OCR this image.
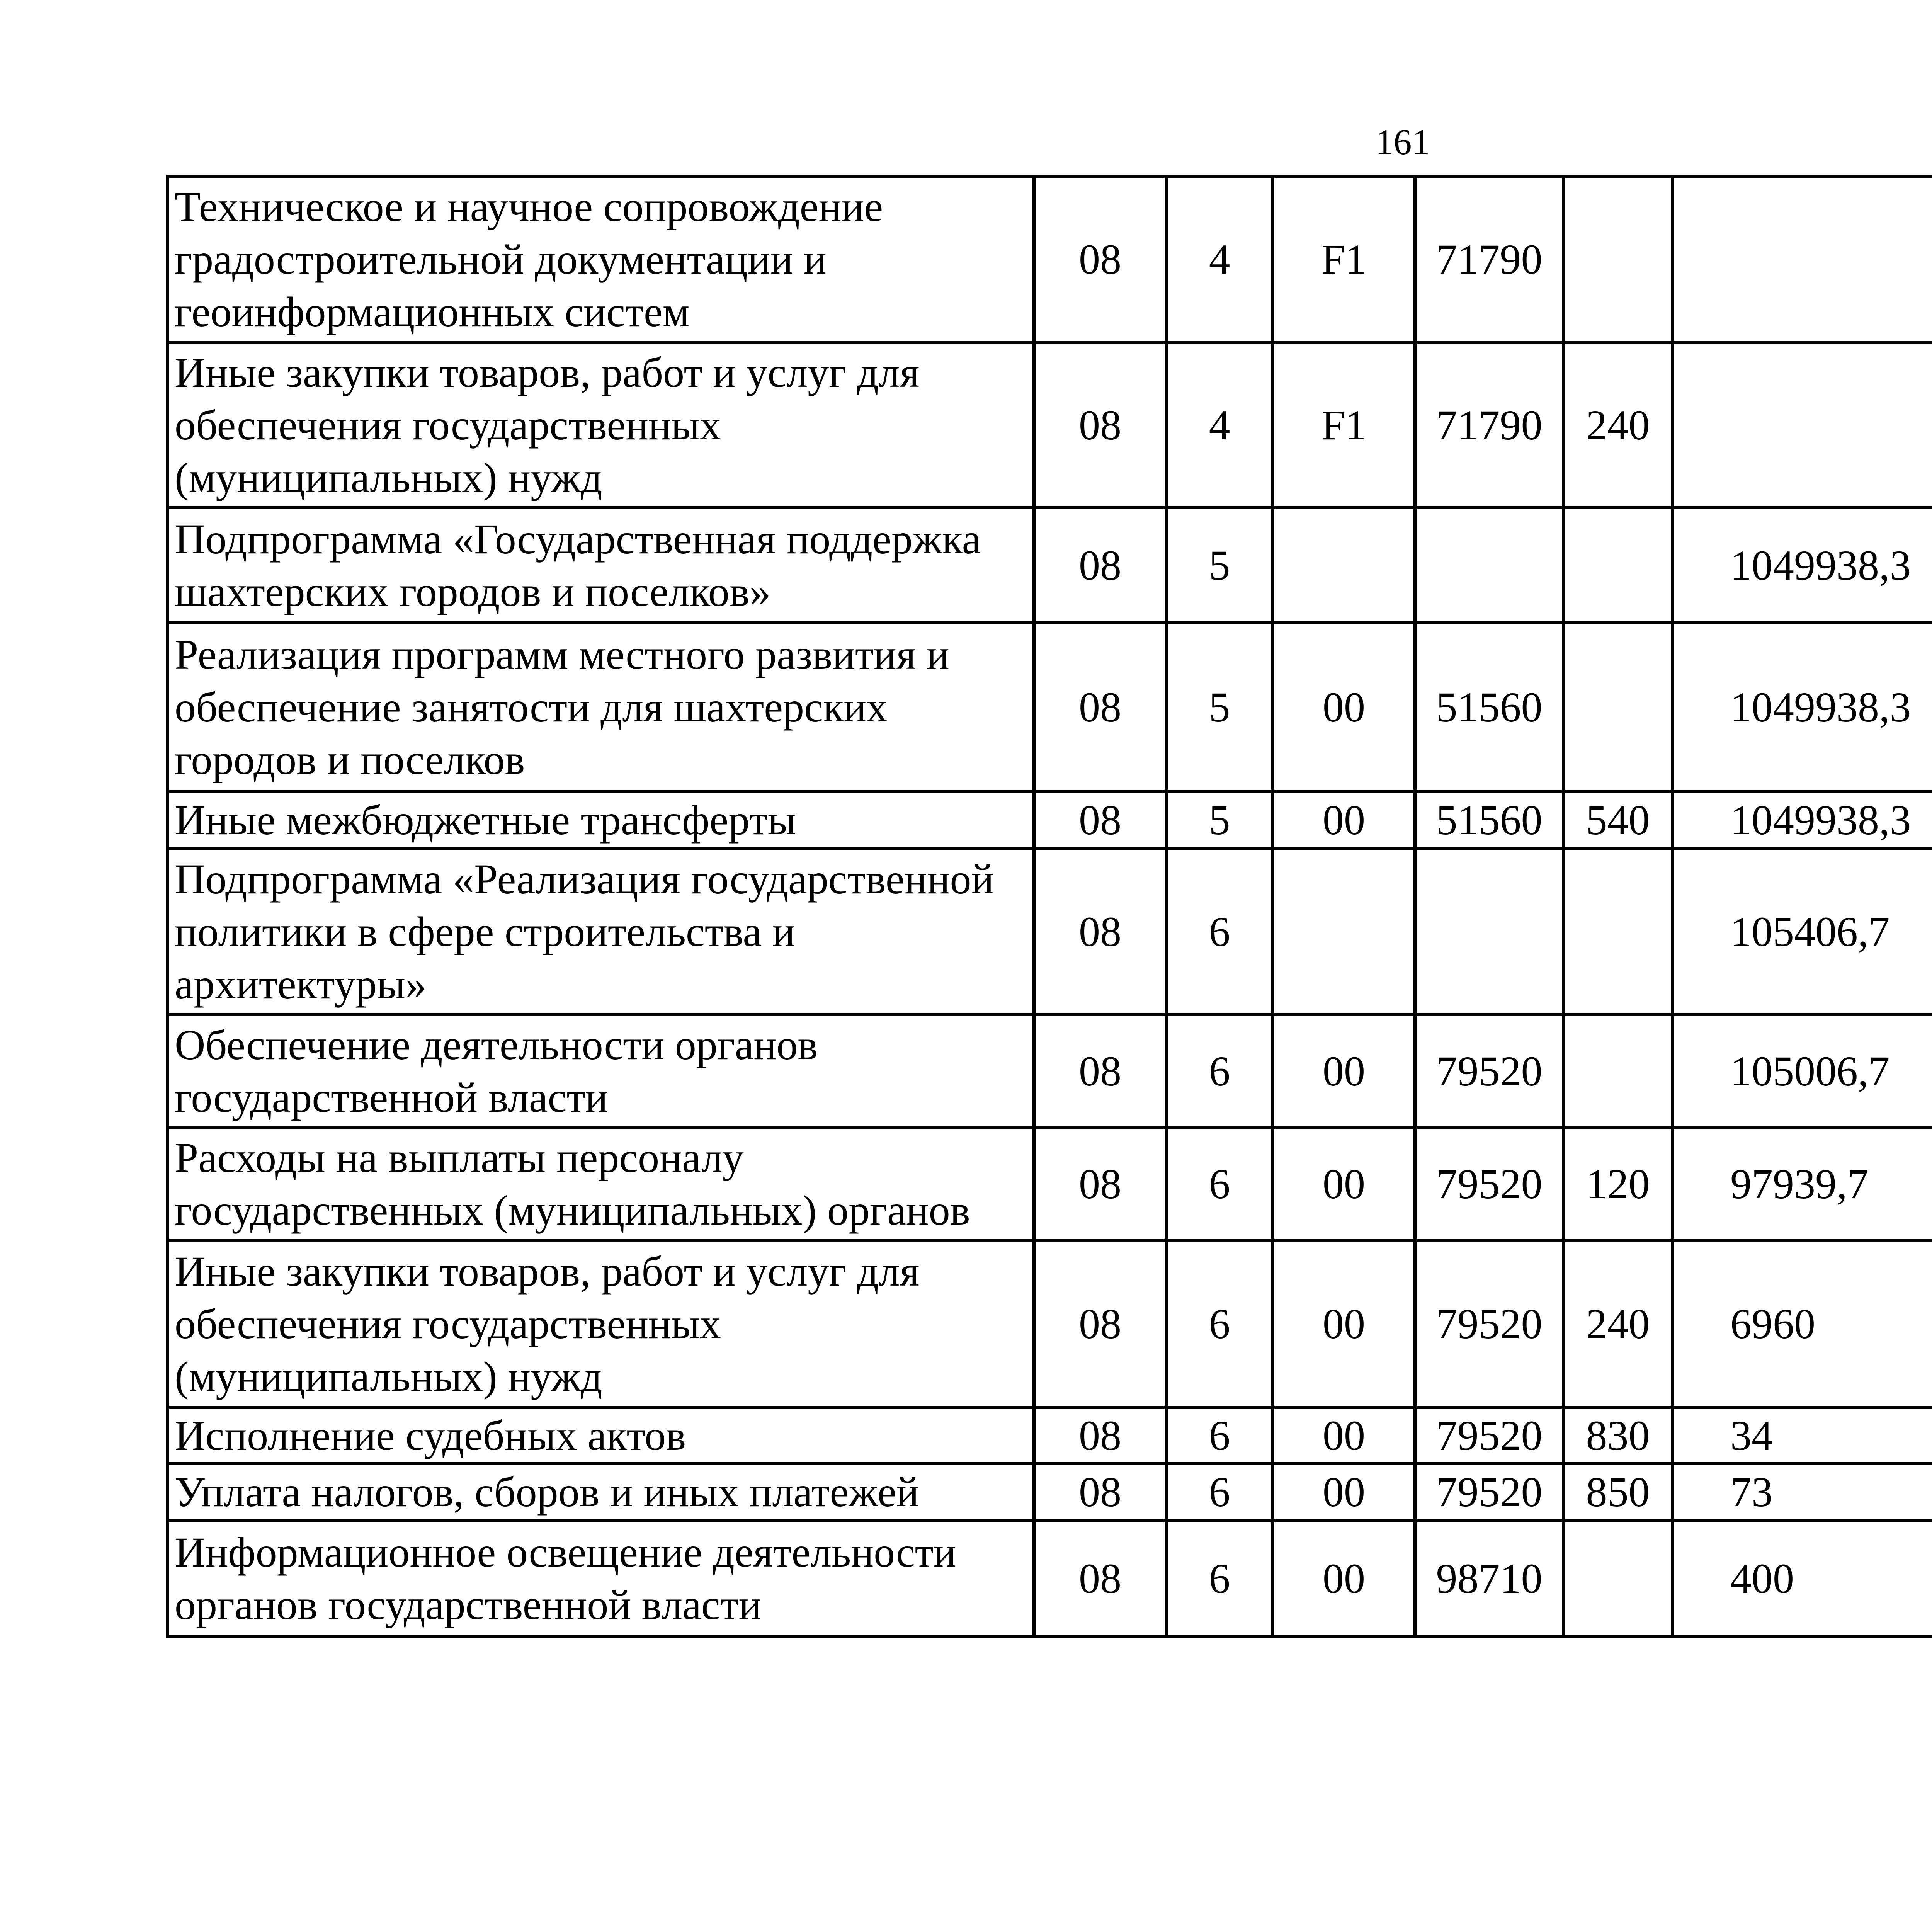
161
Техническое и научное сопровождение градостроительной документации и геоинформационных систем	08	4	F1	71790				
Иные закупки товаров, работ и услуг для обеспечения государственных (муниципальных) нужд	08	4	F1	71790	240			
Подпрограмма «Государственная поддержка шахтерских городов и поселков»	08	5				1049938,3		
Реализация программ местного развития и обеспечение занятости для шахтерских городов и поселков	08	5	00	51560		1049938,3		
Иные межбюджетные трансферты	08	5	00	51560	540	1049938,3		
Подпрограмма «Реализация государственной политики в сфере строительства и архитектуры»	08	6				105406,7		
Обеспечение деятельности органов государственной власти	08	6	00	79520		105006,7		
Расходы на выплаты персоналу государственных (муниципальных) органов	08	6	00	79520	120	97939,7		
Иные закупки товаров, работ и услуг для обеспечения государственных (муниципальных) нужд	08	6	00	79520	240	6960		
Исполнение судебных актов	08	6	00	79520	830	34		
Уплата налогов, сборов и иных платежей	08	6	00	79520	850	73		
Информационное освещение деятельности органов государственной власти	08	6	00	98710		400		
